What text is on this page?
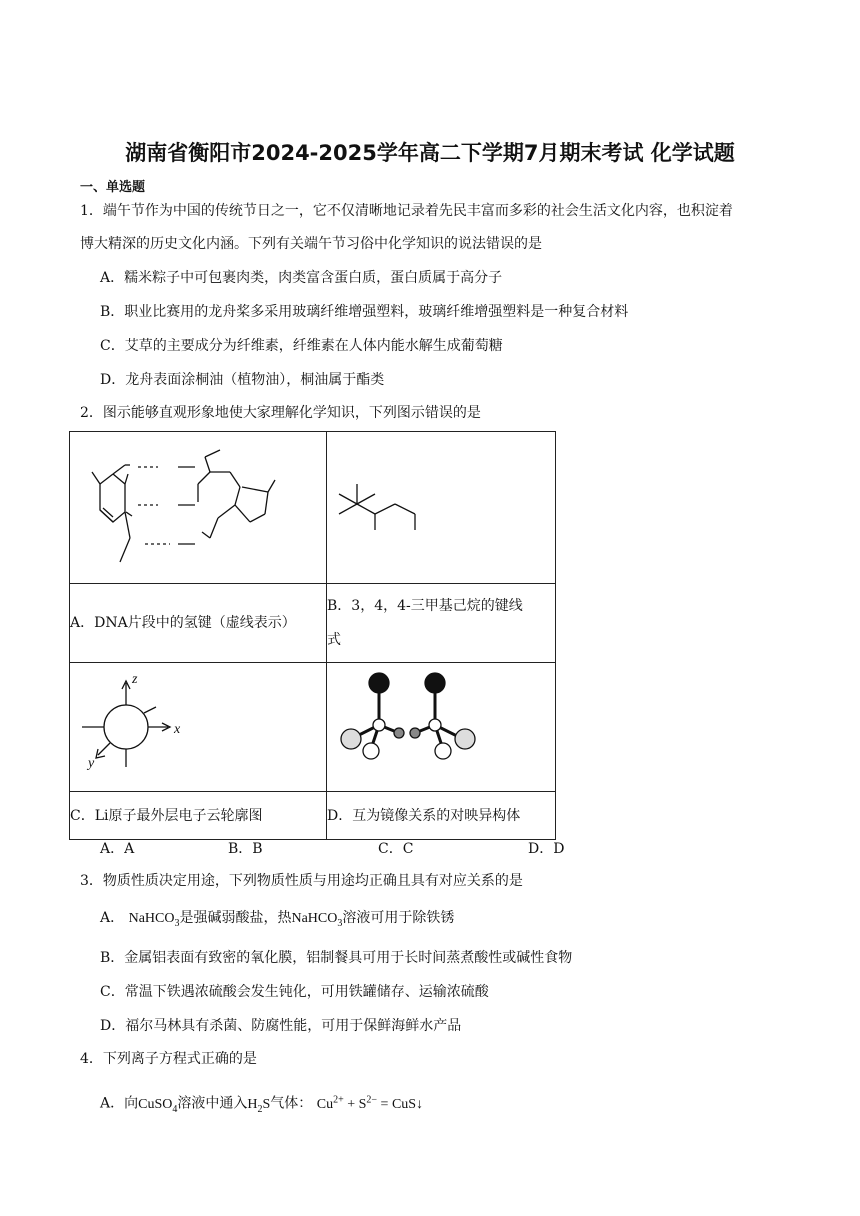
湖南省衡阳市2024-2025学年高二下学期7月期末考试 化学试题
一、单选题
1．端午节作为中国的传统节日之一，它不仅清晰地记录着先民丰富而多彩的社会生活文化内容，也积淀着
博大精深的历史文化内涵。下列有关端午节习俗中化学知识的说法错误的是
A．糯米粽子中可包裹肉类，肉类富含蛋白质，蛋白质属于高分子
B．职业比赛用的龙舟桨多采用玻璃纤维增强塑料，玻璃纤维增强塑料是一种复合材料
C．艾草的主要成分为纤维素，纤维素在人体内能水解生成葡萄糖
D．龙舟表面涂桐油（植物油），桐油属于酯类
2．图示能够直观形象地使大家理解化学知识，下列图示错误的是

A．DNA片段中的氢键（虚线表示）	B．3，4，4-三甲基己烷的键线
式

z
x
y

C．Li原子最外层电子云轮廓图	D．互为镜像关系的对映异构体
A．A	B．B	C．C	D．D
3．物质性质决定用途，下列物质性质与用途均正确且具有对应关系的是
A． NaHCO$_3$是强碱弱酸盐，热NaHCO$_3$溶液可用于除铁锈
B．金属铝表面有致密的氧化膜，铝制餐具可用于长时间蒸煮酸性或碱性食物
C．常温下铁遇浓硫酸会发生钝化，可用铁罐储存、运输浓硫酸
D．福尔马林具有杀菌、防腐性能，可用于保鲜海鲜水产品
4．下列离子方程式正确的是
A．向CuSO$_4$溶液中通入$H_2S$气体： $Cu^{2+} + S^{2-}$ = CuS↓
